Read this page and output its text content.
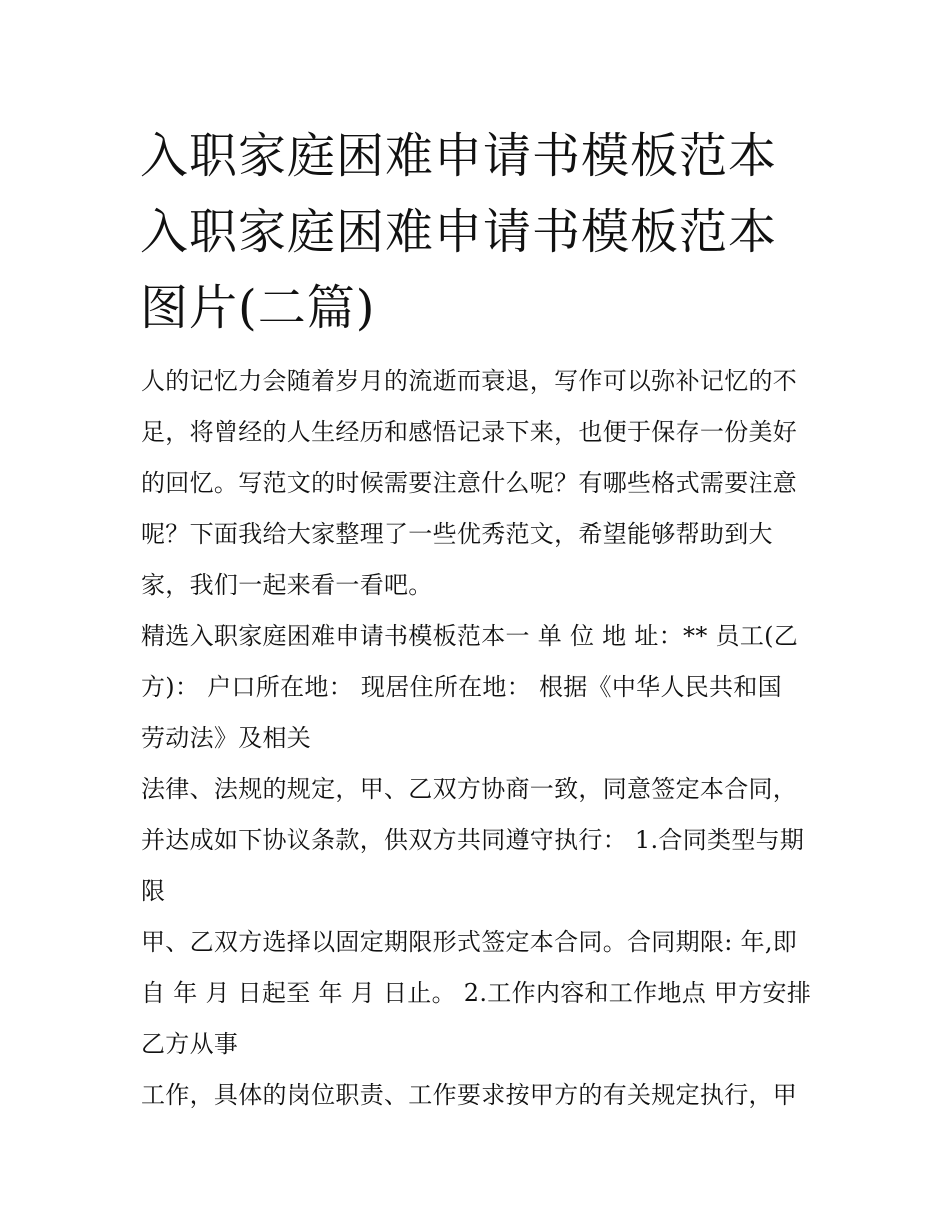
入职家庭困难申请书模板范本
入职家庭困难申请书模板范本
图片(二篇)
人的记忆力会随着岁月的流逝而衰退，写作可以弥补记忆的不
足，将曾经的人生经历和感悟记录下来，也便于保存一份美好
的回忆。写范文的时候需要注意什么呢？有哪些格式需要注意
呢？下面我给大家整理了一些优秀范文，希望能够帮助到大
家，我们一起来看一看吧。
精选入职家庭困难申请书模板范本一 单 位 地 址：** 员工(乙
方)： 户口所在地： 现居住所在地： 根据《中华人民共和国
劳动法》及相关
法律、法规的规定，甲、乙双方协商一致，同意签定本合同，
并达成如下协议条款，供双方共同遵守执行： 1.合同类型与期
限
甲、乙双方选择以固定期限形式签定本合同。合同期限: 年,即
自 年 月 日起至 年 月 日止。 2.工作内容和工作地点 甲方安排
乙方从事
工作，具体的岗位职责、工作要求按甲方的有关规定执行，甲
